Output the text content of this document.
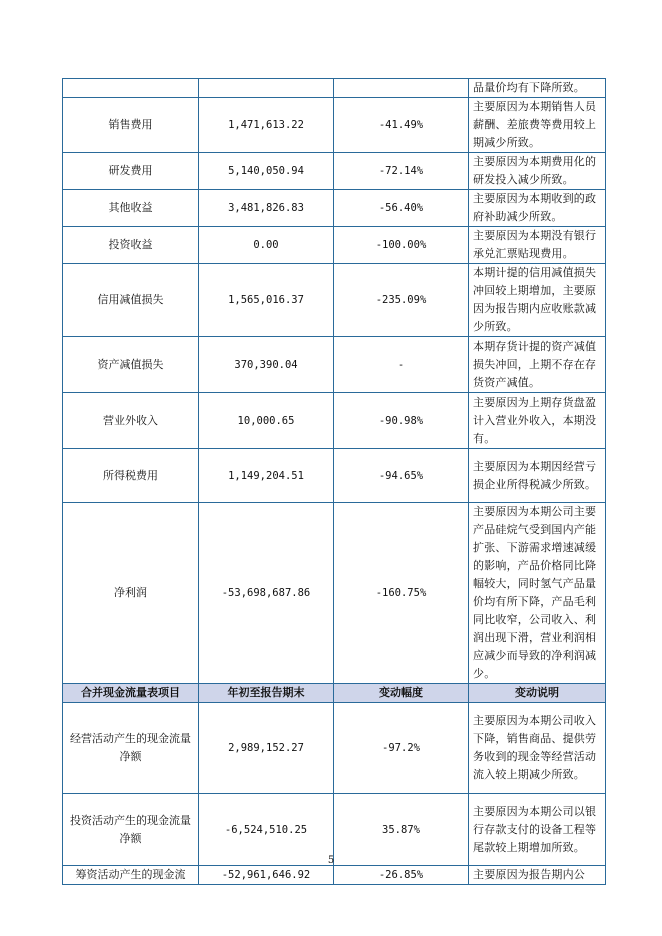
			品量价均有下降所致。
销售费用	1,471,613.22	-41.49%	主要原因为本期销售人员薪酬、差旅费等费用较上期减少所致。
研发费用	5,140,050.94	-72.14%	主要原因为本期费用化的研发投入减少所致。
其他收益	3,481,826.83	-56.40%	主要原因为本期收到的政府补助减少所致。
投资收益	0.00	-100.00%	主要原因为本期没有银行承兑汇票贴现费用。
信用减值损失	1,565,016.37	-235.09%	本期计提的信用减值损失冲回较上期增加，主要原因为报告期内应收账款减少所致。
资产减值损失	370,390.04	-	本期存货计提的资产减值损失冲回，上期不存在存货资产减值。
营业外收入	10,000.65	-90.98%	主要原因为上期存货盘盈计入营业外收入，本期没有。
所得税费用	1,149,204.51	-94.65%	主要原因为本期因经营亏损企业所得税减少所致。
净利润	-53,698,687.86	-160.75%	主要原因为本期公司主要产品硅烷气受到国内产能扩张、下游需求增速减缓的影响，产品价格同比降幅较大，同时氢气产品量价均有所下降，产品毛利同比收窄，公司收入、利润出现下滑，营业利润相应减少而导致的净利润减少。
合并现金流量表项目	年初至报告期末	变动幅度	变动说明
经营活动产生的现金流量净额	2,989,152.27	-97.2%	主要原因为本期公司收入下降，销售商品、提供劳务收到的现金等经营活动流入较上期减少所致。
投资活动产生的现金流量净额	-6,524,510.25	35.87%	主要原因为本期公司以银行存款支付的设备工程等尾款较上期增加所致。
筹资活动产生的现金流	-52,961,646.92	-26.85%	主要原因为报告期内公
5
